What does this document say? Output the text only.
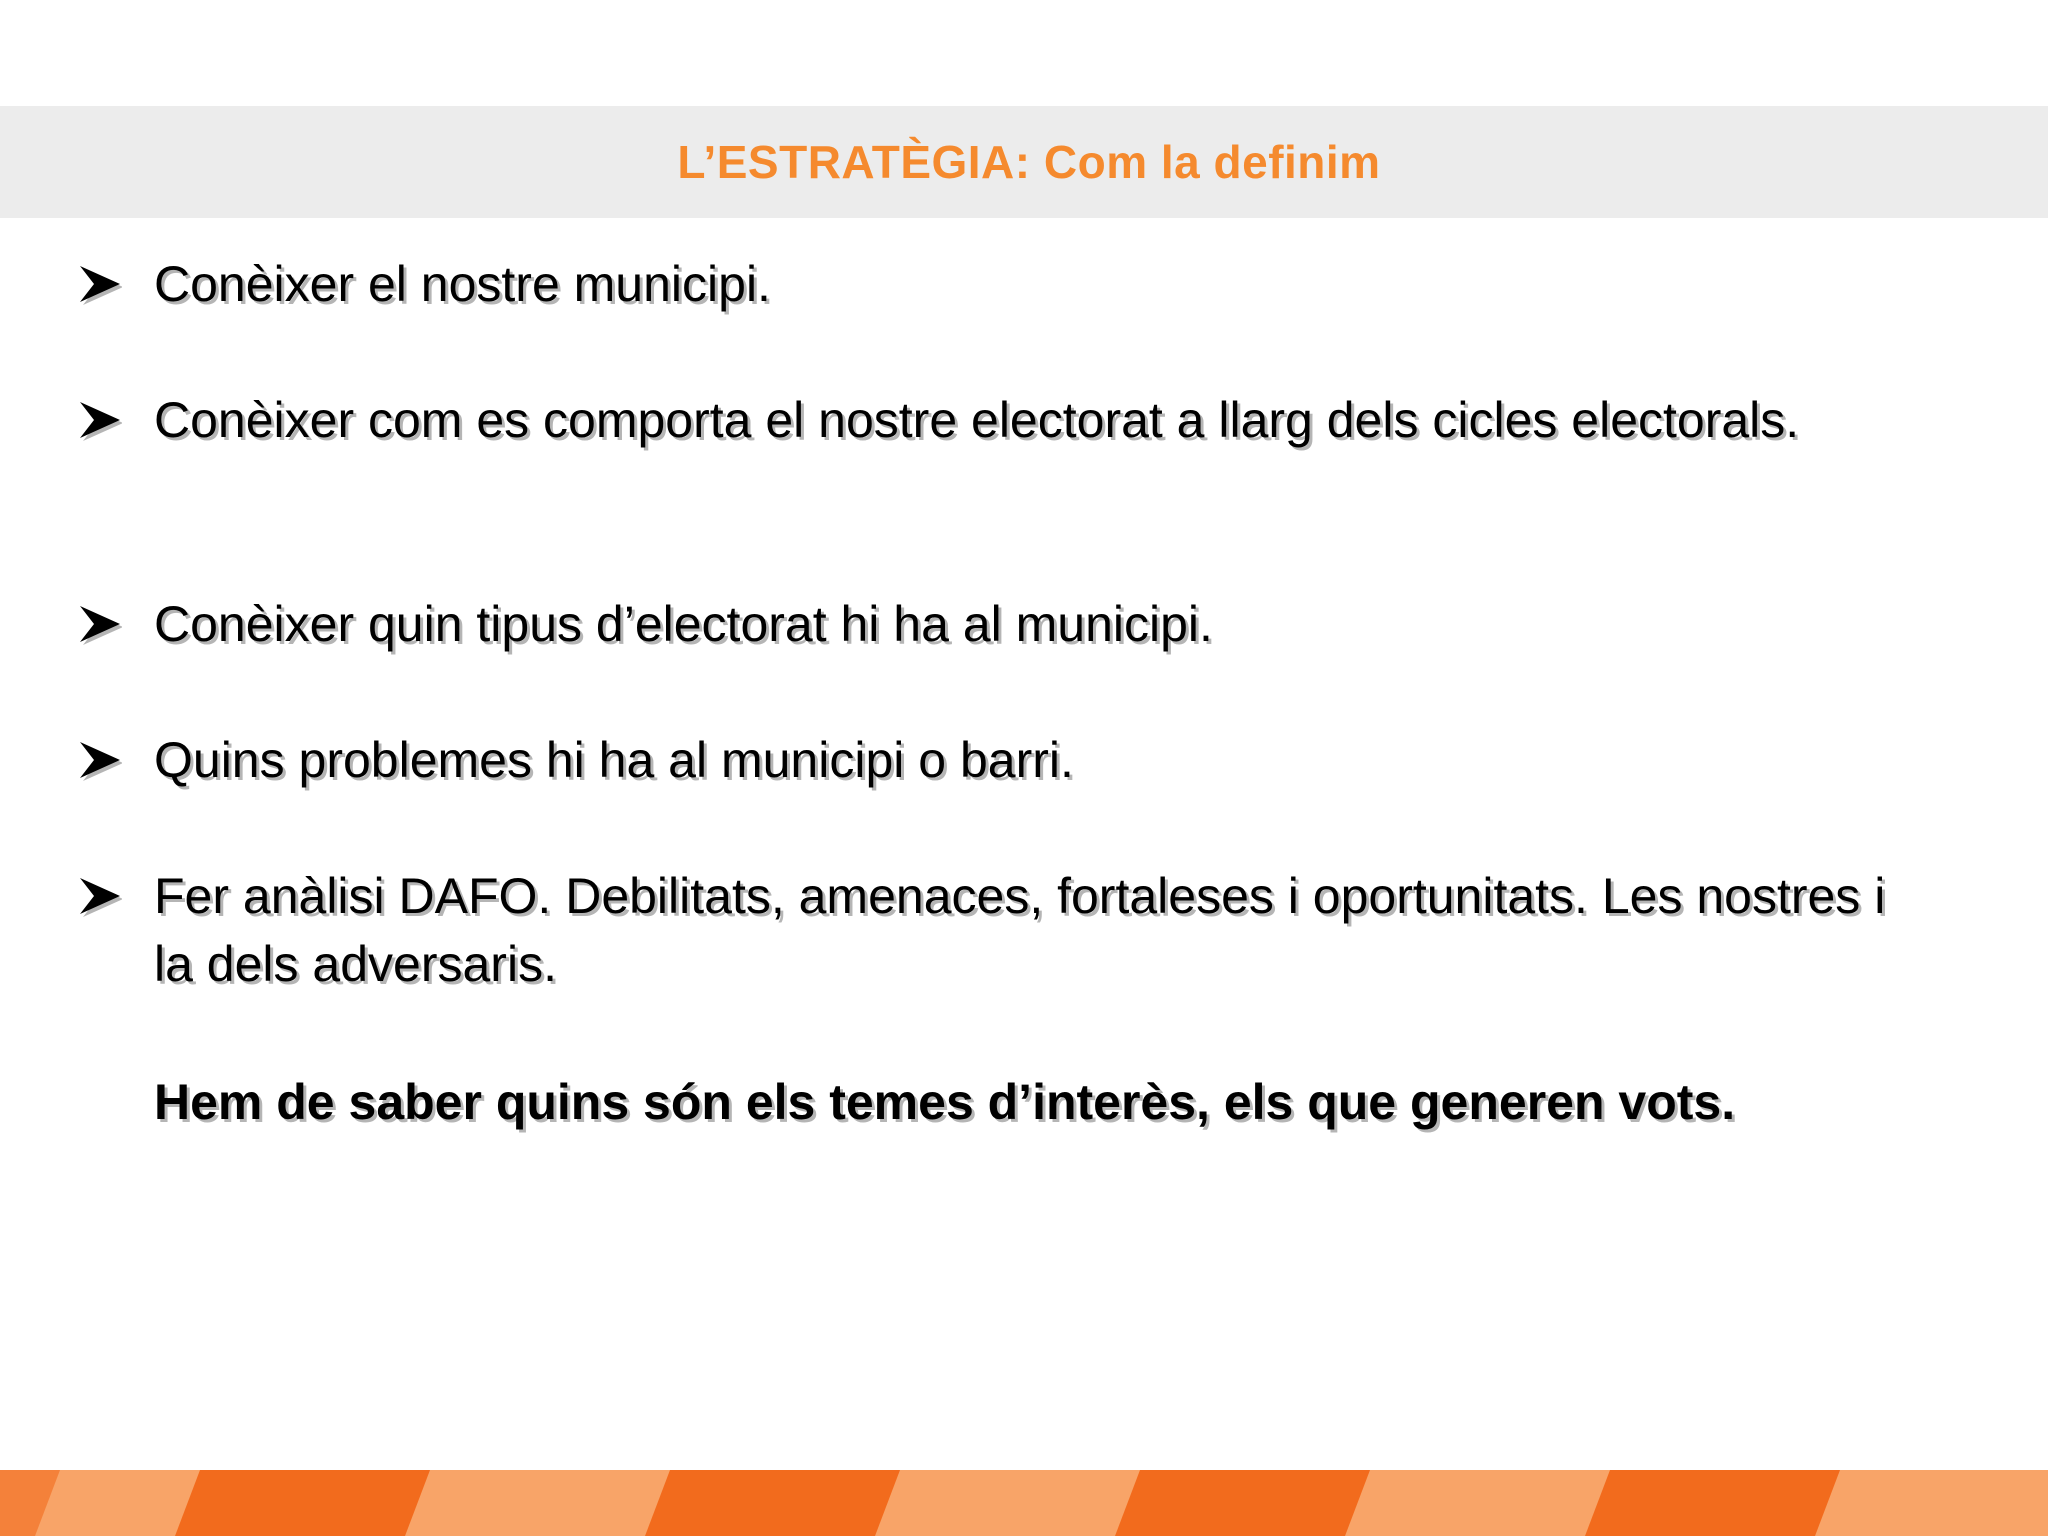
L’ESTRATÈGIA: Com la definim
Conèixer el nostre municipi.
Conèixer com es comporta el nostre electorat a llarg dels cicles electorals.
Conèixer quin tipus d’electorat hi ha al municipi.
Quins problemes hi ha al municipi o barri.
Fer anàlisi DAFO. Debilitats, amenaces, fortaleses i oportunitats. Les nostres i la dels adversaris.
Hem de saber quins són els temes d’interès, els que generen vots.
